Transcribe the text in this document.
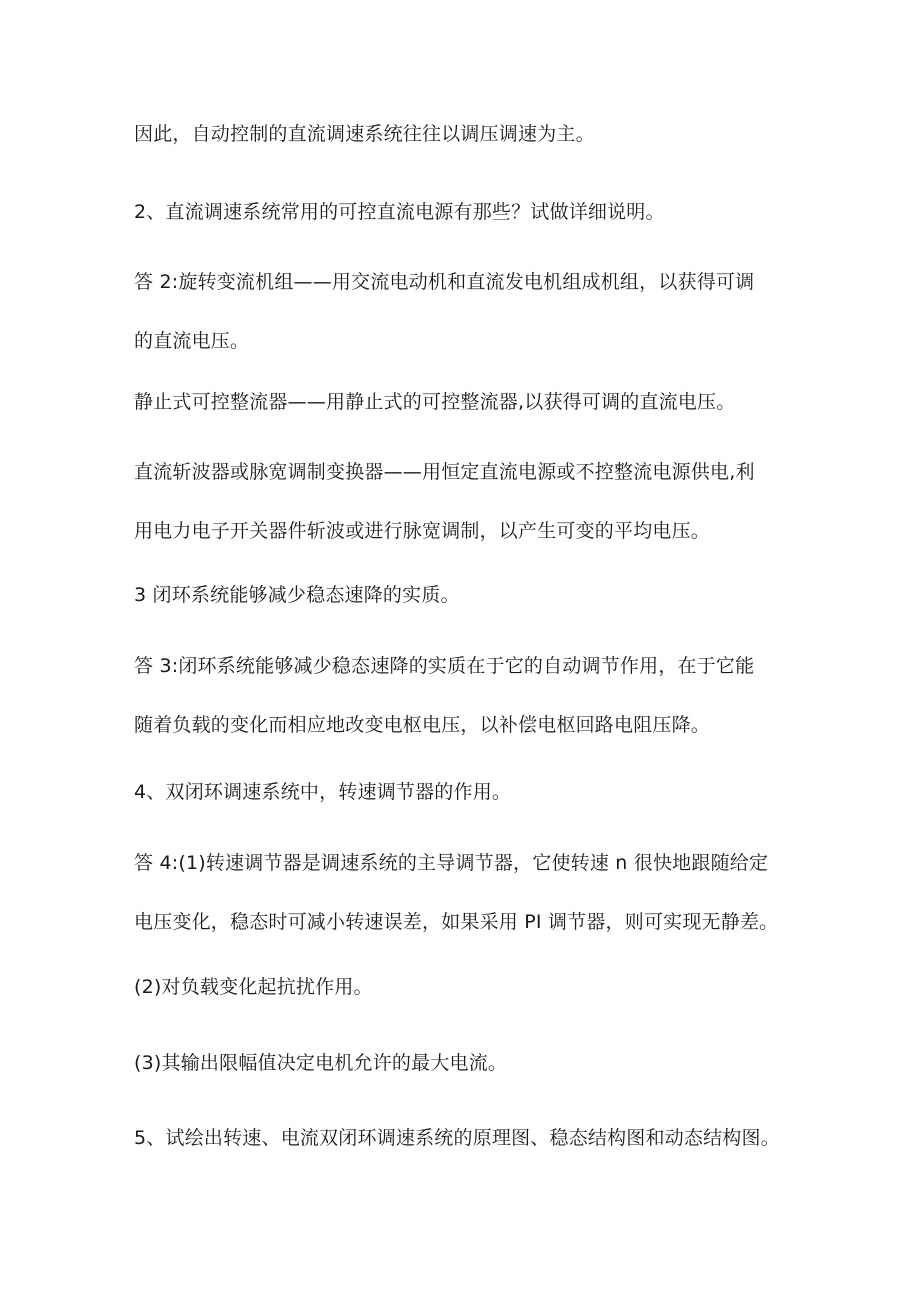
因此，自动控制的直流调速系统往往以调压调速为主。

2、直流调速系统常用的可控直流电源有那些？试做详细说明。

答 2:旋转变流机组——用交流电动机和直流发电机组成机组，以获得可调
的直流电压。

静止式可控整流器——用静止式的可控整流器,以获得可调的直流电压。

直流斩波器或脉宽调制变换器——用恒定直流电源或不控整流电源供电,利
用电力电子开关器件斩波或进行脉宽调制，以产生可变的平均电压。

3 闭环系统能够减少稳态速降的实质。

答 3:闭环系统能够减少稳态速降的实质在于它的自动调节作用，在于它能
随着负载的变化而相应地改变电枢电压，以补偿电枢回路电阻压降。

4、双闭环调速系统中，转速调节器的作用。

答 4:(1)转速调节器是调速系统的主导调节器，它使转速 n 很快地跟随给定
电压变化，稳态时可减小转速误差，如果采用 PI 调节器，则可实现无静差。

(2)对负载变化起抗扰作用。

(3)其输出限幅值决定电机允许的最大电流。

5、试绘出转速、电流双闭环调速系统的原理图、稳态结构图和动态结构图。
